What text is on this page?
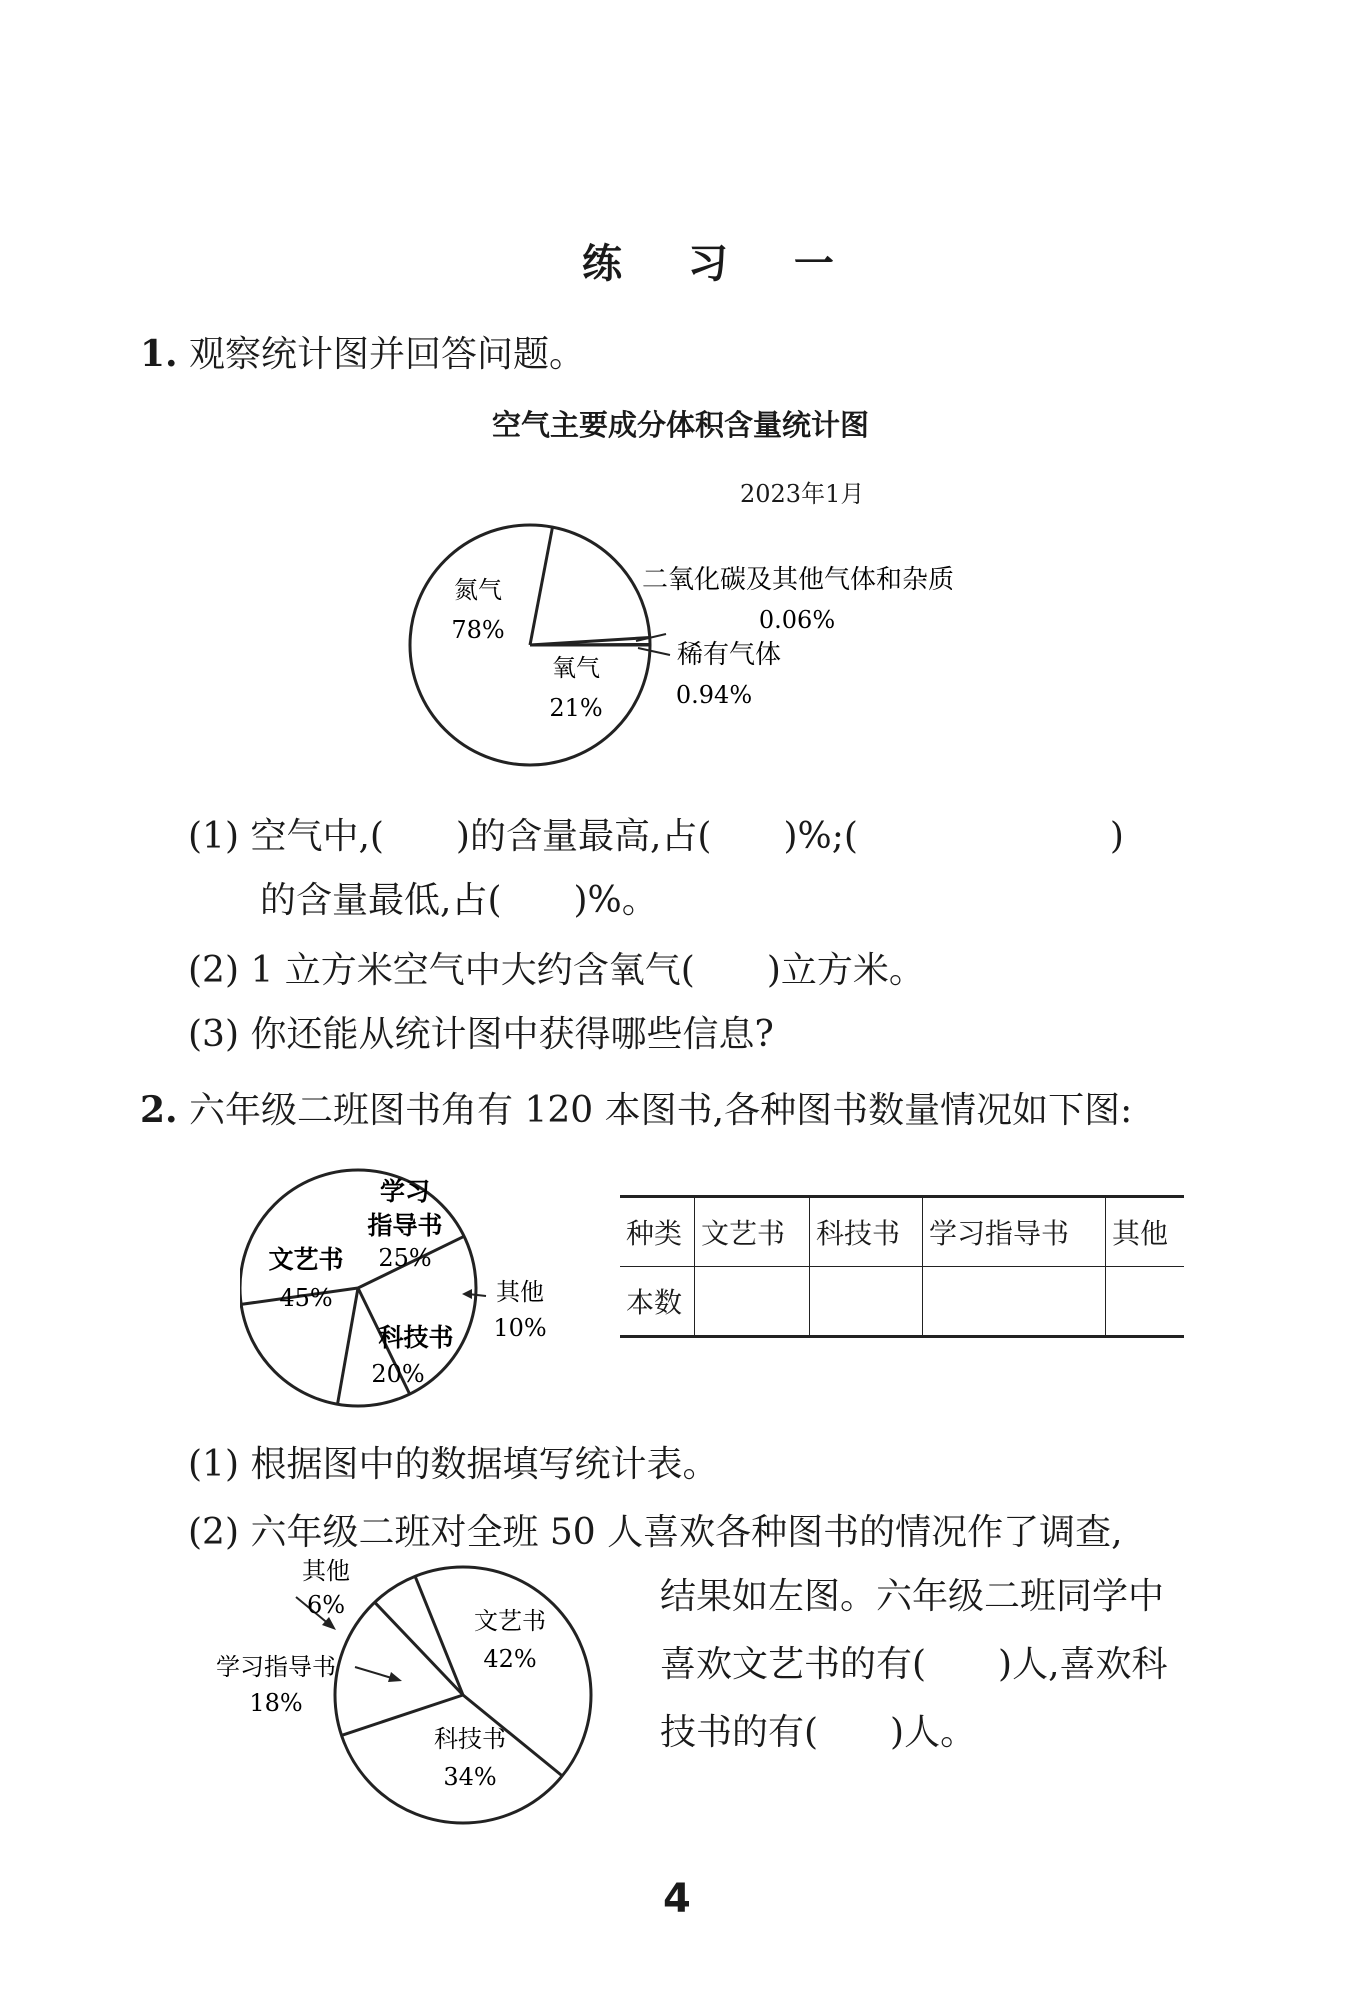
练 习 一
1. 观察统计图并回答问题。
空气主要成分体积含量统计图
2023年1月
氮气
78%
氧气
21%
二氧化碳及其他气体和杂质
0.06%
稀有气体
0.94%
(1) 空气中,(　　)的含量最高,占(　　)%;(　　　　　　　)
的含量最低,占(　　)%。
(2) 1 立方米空气中大约含氧气(　　)立方米。
(3) 你还能从统计图中获得哪些信息?
2. 六年级二班图书角有 120 本图书,各种图书数量情况如下图:
文艺书
45%
学习
指导书
25%
科技书
20%
其他
10%
种类	文艺书	科技书	学习指导书	其他
本数				
(1) 根据图中的数据填写统计表。
(2) 六年级二班对全班 50 人喜欢各种图书的情况作了调查,
结果如左图。六年级二班同学中
喜欢文艺书的有(　　)人,喜欢科
技书的有(　　)人。
其他
6%
学习指导书
18%
文艺书
42%
科技书
34%
4
